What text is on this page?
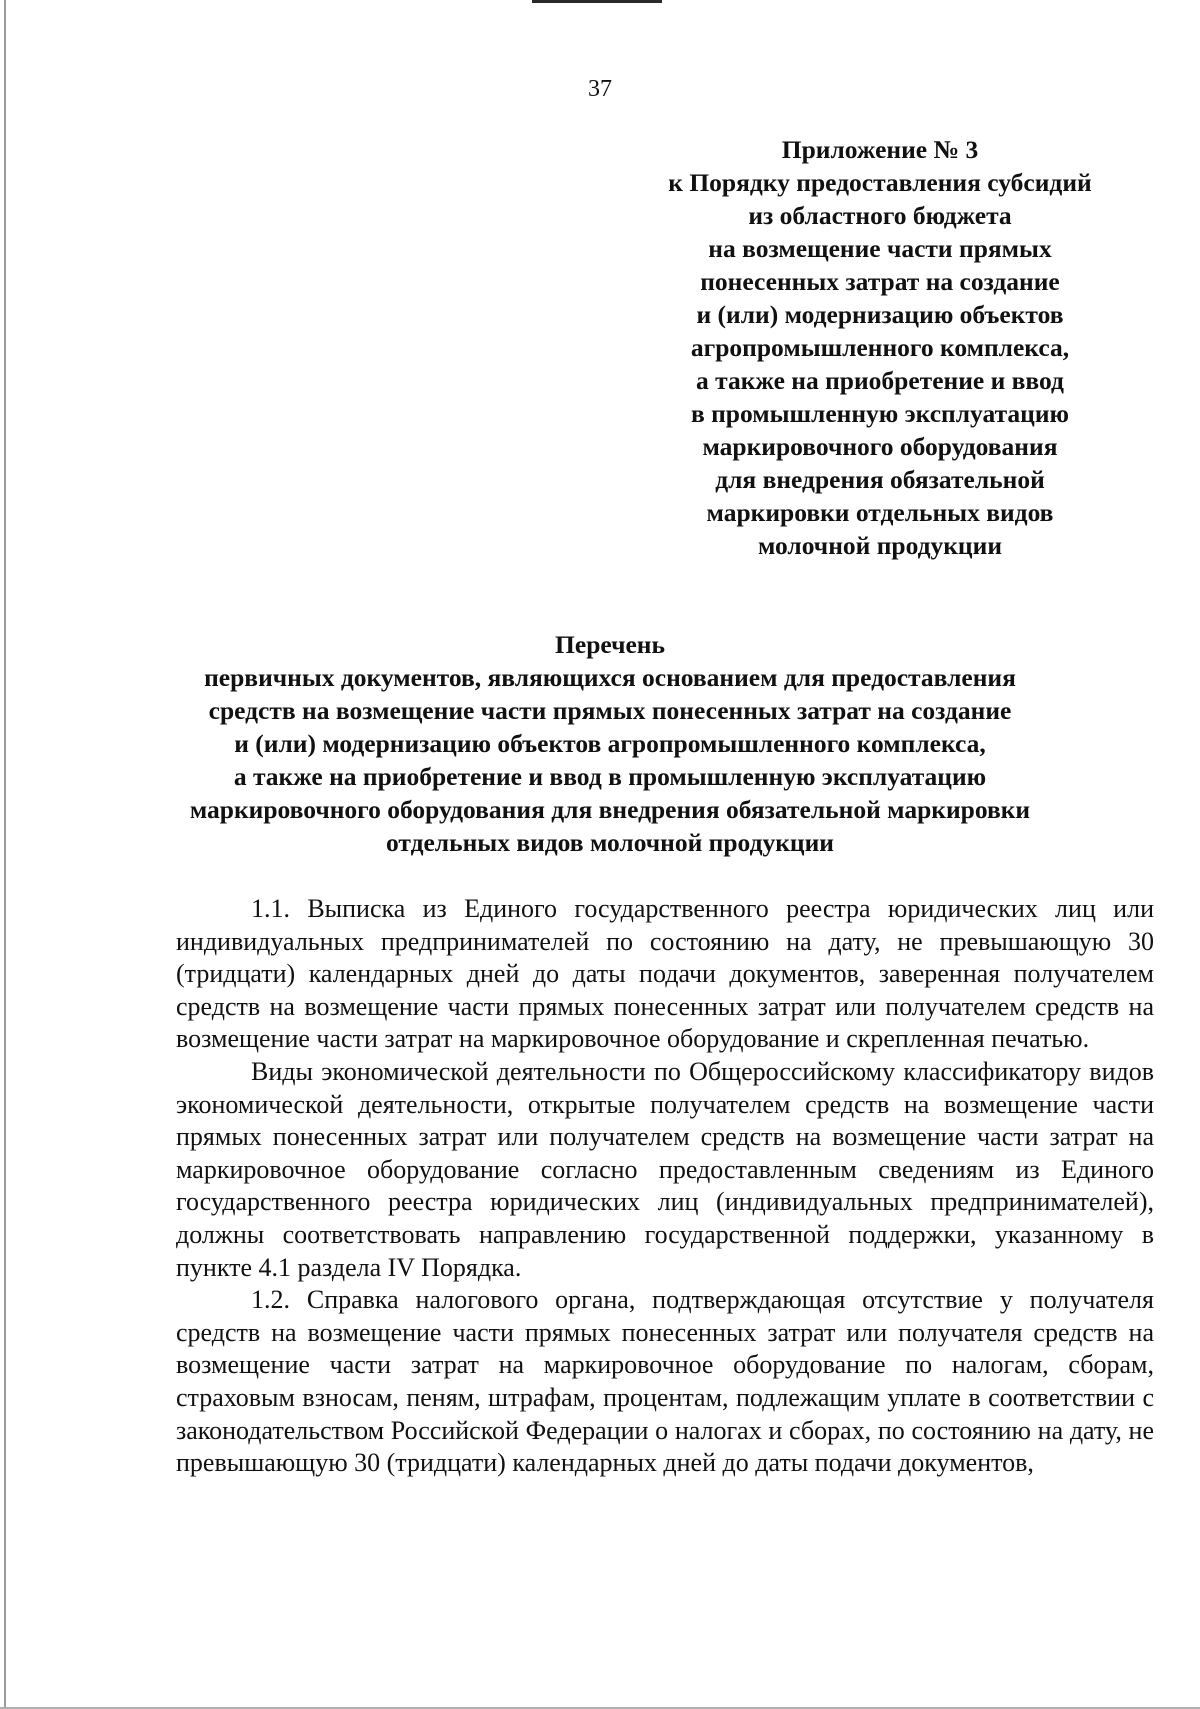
37
Приложение № 3
к Порядку предоставления субсидий
из областного бюджета
на возмещение части прямых
понесенных затрат на создание
и (или) модернизацию объектов
агропромышленного комплекса,
а также на приобретение и ввод
в промышленную эксплуатацию
маркировочного оборудования
для внедрения обязательной
маркировки отдельных видов
молочной продукции
Перечень
первичных документов, являющихся основанием для предоставления
средств на возмещение части прямых понесенных затрат на создание
и (или) модернизацию объектов агропромышленного комплекса,
а также на приобретение и ввод в промышленную эксплуатацию
маркировочного оборудования для внедрения обязательной маркировки
отдельных видов молочной продукции

1.1. Выписка из Единого государственного реестра юридических лиц или индивидуальных предпринимателей по состоянию на дату, не превышающую 30 (тридцати) календарных дней до даты подачи документов, заверенная получателем средств на возмещение части прямых понесенных затрат или получателем средств на возмещение части затрат на маркировочное оборудование и скрепленная печатью.

Виды экономической деятельности по Общероссийскому классификатору видов экономической деятельности, открытые получателем средств на возмещение части прямых понесенных затрат или получателем средств на возмещение части затрат на маркировочное оборудование согласно предоставленным сведениям из Единого государственного реестра юридических лиц (индивидуальных предпринимателей), должны соответствовать направлению государственной поддержки, указанному в пункте 4.1 раздела IV Порядка.

1.2. Справка налогового органа, подтверждающая отсутствие у получателя средств на возмещение части прямых понесенных затрат или получателя средств на возмещение части затрат на маркировочное оборудование по налогам, сборам, страховым взносам, пеням, штрафам, процентам, подлежащим уплате в соответствии с законодательством Российской Федерации о налогах и сборах, по состоянию на дату, не превышающую 30 (тридцати) календарных дней до даты подачи документов,
